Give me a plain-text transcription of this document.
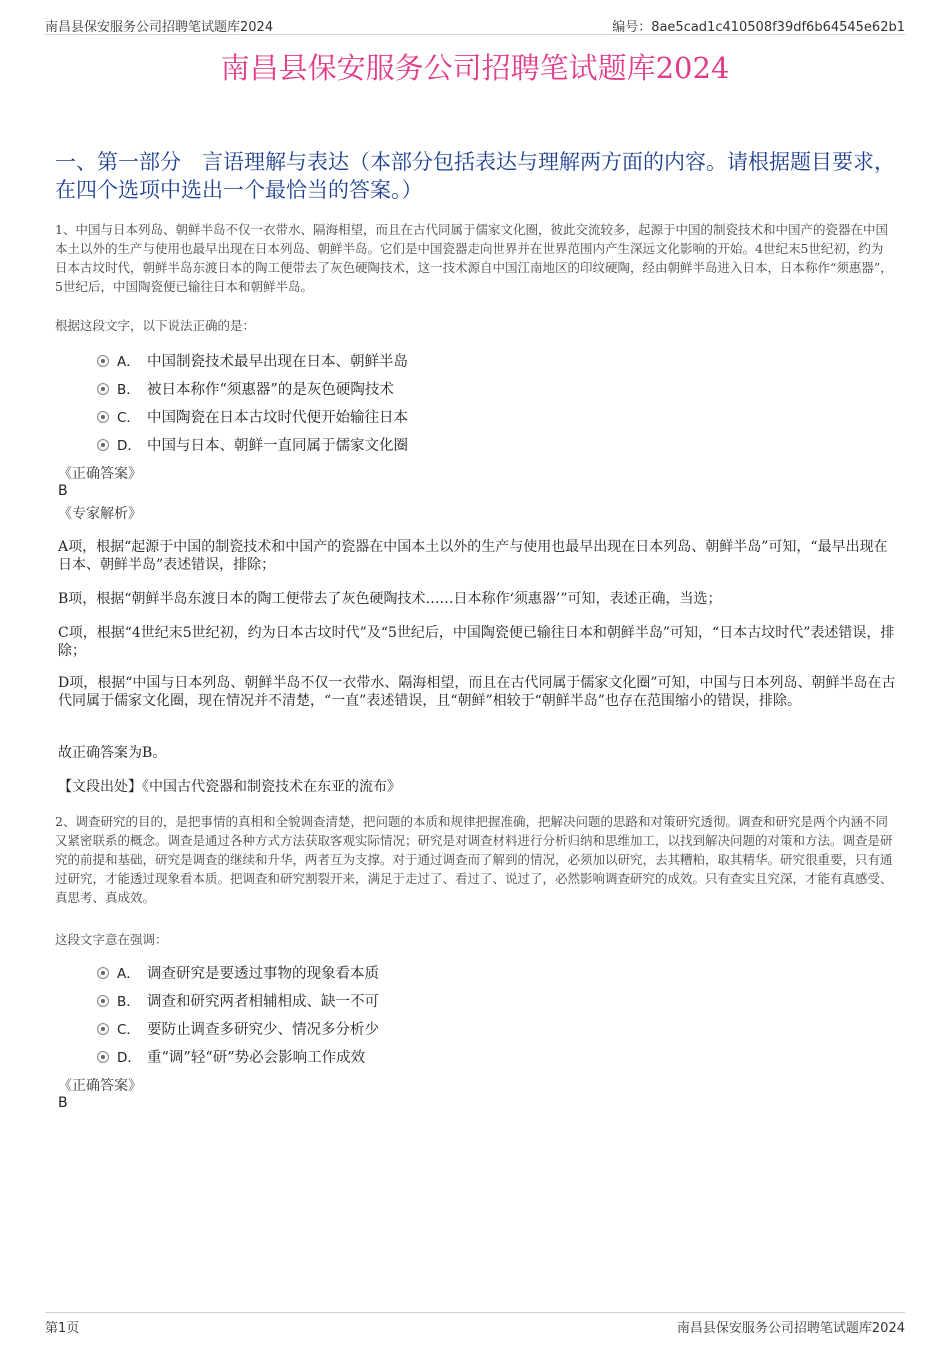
南昌县保安服务公司招聘笔试题库2024	编号：8ae5cad1c410508f39df6b64545e62b1
南昌县保安服务公司招聘笔试题库2024
一、第一部分　言语理解与表达（本部分包括表达与理解两方面的内容。请根据题目要求，在四个选项中选出一个最恰当的答案。）

1、中国与日本列岛、朝鲜半岛不仅一衣带水、隔海相望，而且在古代同属于儒家文化圈，彼此交流较多，起源于中国的制瓷技术和中国产的瓷器在中国本土以外的生产与使用也最早出现在日本列岛、朝鲜半岛。它们是中国瓷器走向世界并在世界范围内产生深远文化影响的开始。4世纪末5世纪初，约为日本古坟时代，朝鲜半岛东渡日本的陶工便带去了灰色硬陶技术，这一技术源自中国江南地区的印纹硬陶，经由朝鲜半岛进入日本，日本称作“须惠器”，5世纪后，中国陶瓷便已输往日本和朝鲜半岛。

根据这段文字，以下说法正确的是：
A． 中国制瓷技术最早出现在日本、朝鲜半岛
B． 被日本称作“须惠器”的是灰色硬陶技术
C． 中国陶瓷在日本古坟时代便开始输往日本
D． 中国与日本、朝鲜一直同属于儒家文化圈
《正确答案》
B
《专家解析》

A项，根据“起源于中国的制瓷技术和中国产的瓷器在中国本土以外的生产与使用也最早出现在日本列岛、朝鲜半岛”可知，“最早出现在日本、朝鲜半岛”表述错误，排除；

B项，根据“朝鲜半岛东渡日本的陶工便带去了灰色硬陶技术……日本称作‘须惠器’”可知，表述正确，当选；

C项，根据“4世纪末5世纪初，约为日本古坟时代”及“5世纪后，中国陶瓷便已输往日本和朝鲜半岛”可知，“日本古坟时代”表述错误，排除；

D项，根据“中国与日本列岛、朝鲜半岛不仅一衣带水、隔海相望，而且在古代同属于儒家文化圈”可知，中国与日本列岛、朝鲜半岛在古代同属于儒家文化圈，现在情况并不清楚，“一直”表述错误，且“朝鲜”相较于“朝鲜半岛”也存在范围缩小的错误，排除。

故正确答案为B。

【文段出处】《中国古代瓷器和制瓷技术在东亚的流布》

2、调查研究的目的，是把事情的真相和全貌调查清楚，把问题的本质和规律把握准确，把解决问题的思路和对策研究透彻。调查和研究是两个内涵不同又紧密联系的概念。调查是通过各种方式方法获取客观实际情况；研究是对调查材料进行分析归纳和思维加工，以找到解决问题的对策和方法。调查是研究的前提和基础，研究是调查的继续和升华，两者互为支撑。对于通过调查而了解到的情况，必须加以研究，去其糟粕，取其精华。研究很重要，只有通过研究，才能透过现象看本质。把调查和研究割裂开来，满足于走过了、看过了、说过了，必然影响调查研究的成效。只有查实且究深，才能有真感受、真思考、真成效。

这段文字意在强调：
A． 调查研究是要透过事物的现象看本质
B． 调查和研究两者相辅相成、缺一不可
C． 要防止调查多研究少、情况多分析少
D． 重“调”轻“研”势必会影响工作成效
《正确答案》
B
第1页	南昌县保安服务公司招聘笔试题库2024
